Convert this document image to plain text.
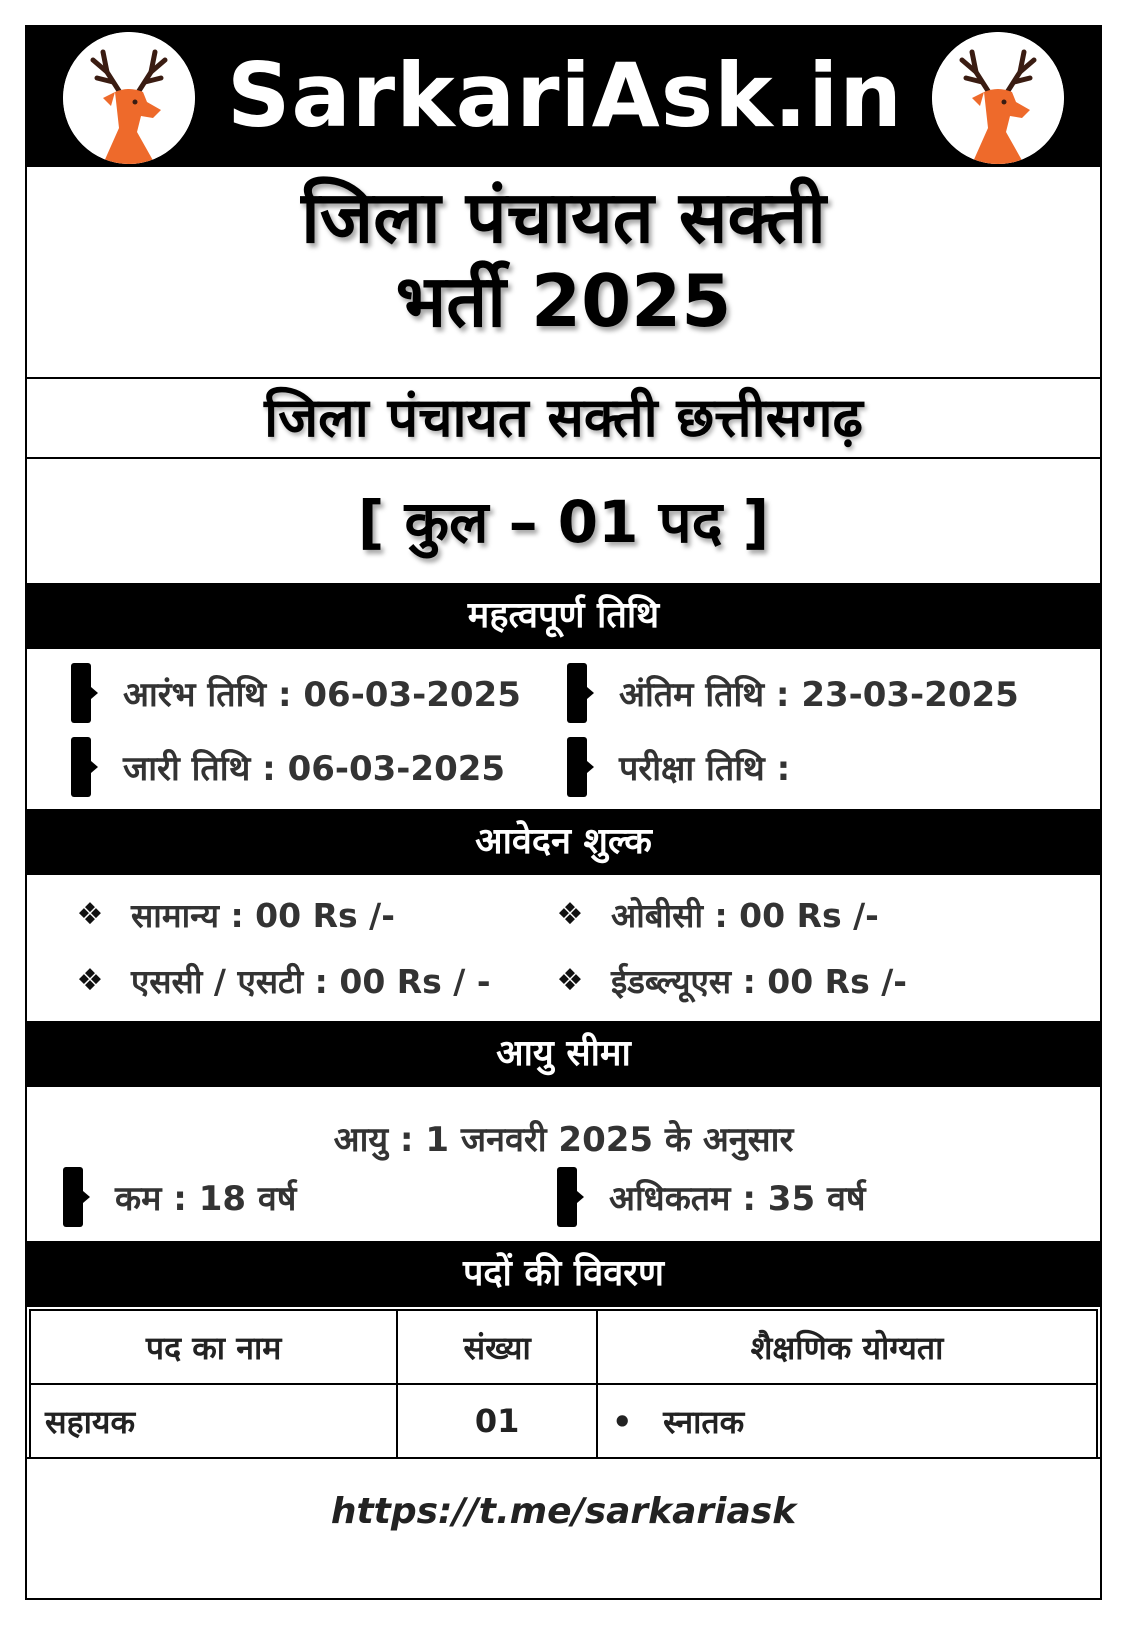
SarkariAsk.in
जिला पंचायत सक्ती
भर्ती 2025
जिला पंचायत सक्ती छत्तीसगढ़
[ कुल – 01 पद ]
महत्वपूर्ण तिथि
आरंभ तिथि : 06-03-2025	अंतिम तिथि : 23-03-2025
जारी तिथि : 06-03-2025	परीक्षा तिथि :
आवेदन शुल्क
❖ सामान्य : 00 Rs /-	❖ ओबीसी : 00 Rs /-
❖ एससी / एसटी : 00 Rs / - ❖ ईडब्ल्यूएस : 00 Rs /-
आयु सीमा
आयु : 1 जनवरी 2025 के अनुसार
कम : 18 वर्ष	अधिकतम : 35 वर्ष
पदों की विवरण
पद का नाम	संख्या	शैक्षणिक योग्यता
सहायक	01	• स्नातक
https://t.me/sarkariask
